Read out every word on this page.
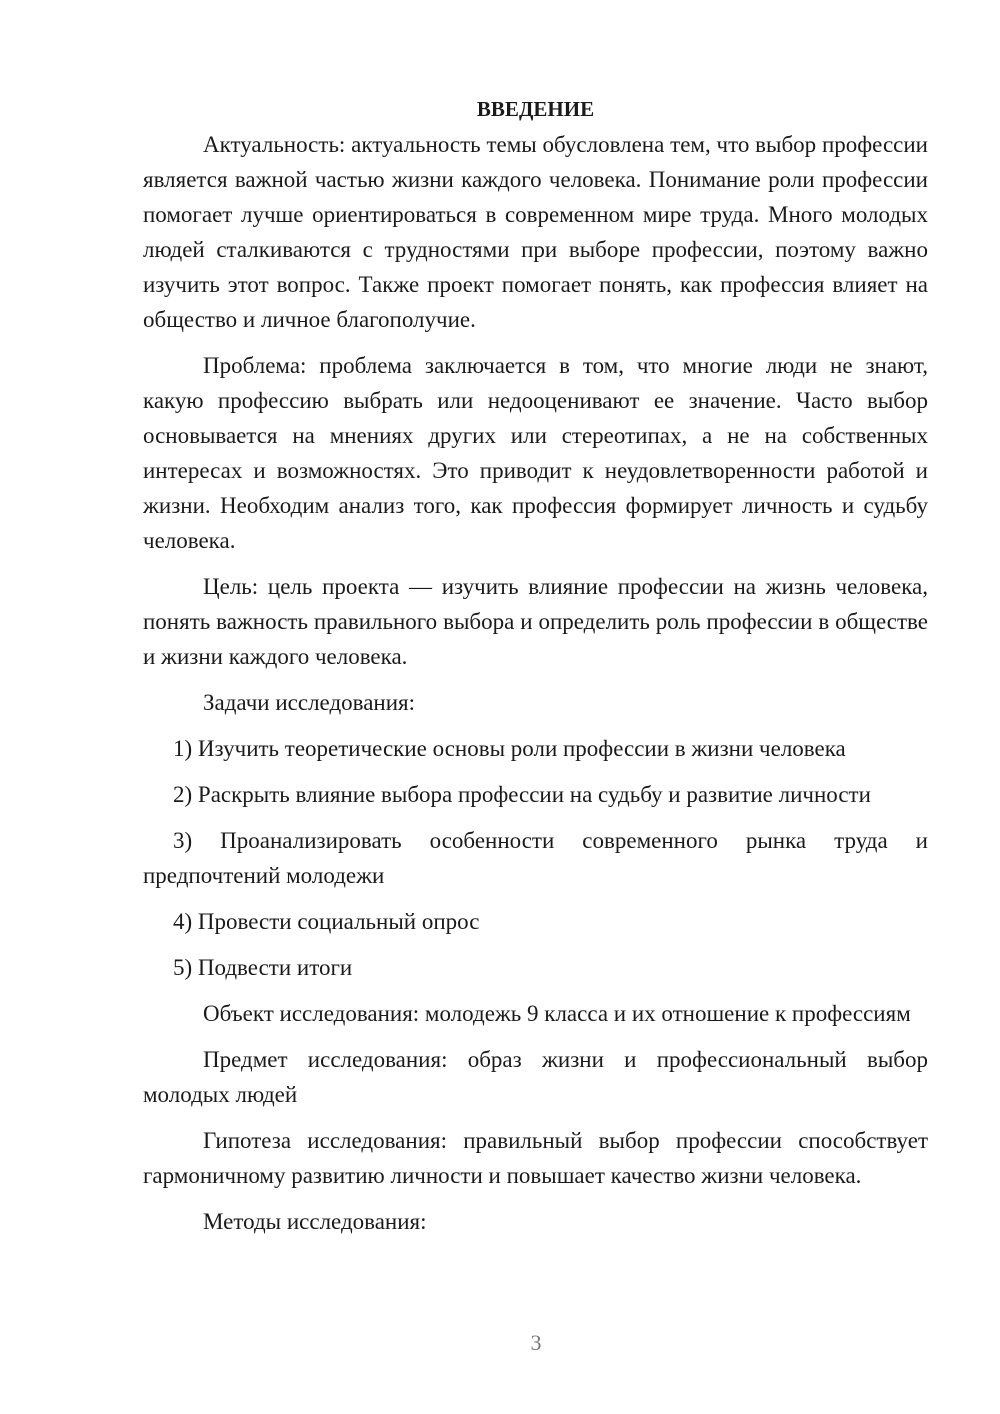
ВВЕДЕНИЕ

Актуальность: актуальность темы обусловлена тем, что выбор профессии является важной частью жизни каждого человека. Понимание роли профессии помогает лучше ориентироваться в современном мире труда. Много молодых людей сталкиваются с трудностями при выборе профессии, поэтому важно изучить этот вопрос. Также проект помогает понять, как профессия влияет на общество и личное благополучие.

Проблема: проблема заключается в том, что многие люди не знают, какую профессию выбрать или недооценивают ее значение. Часто выбор основывается на мнениях других или стереотипах, а не на собственных интересах и возможностях. Это приводит к неудовлетворенности работой и жизни. Необходим анализ того, как профессия формирует личность и судьбу человека.

Цель: цель проекта — изучить влияние профессии на жизнь человека, понять важность правильного выбора и определить роль профессии в обществе и жизни каждого человека.

Задачи исследования:

1) Изучить теоретические основы роли профессии в жизни человека

2) Раскрыть влияние выбора профессии на судьбу и развитие личности

3) Проанализировать особенности современного рынка труда и предпочтений молодежи

4) Провести социальный опрос

5) Подвести итоги

Объект исследования: молодежь 9 класса и их отношение к профессиям

Предмет исследования: образ жизни и профессиональный выбор молодых людей

Гипотеза исследования: правильный выбор профессии способствует гармоничному развитию личности и повышает качество жизни человека.

Методы исследования:

3
